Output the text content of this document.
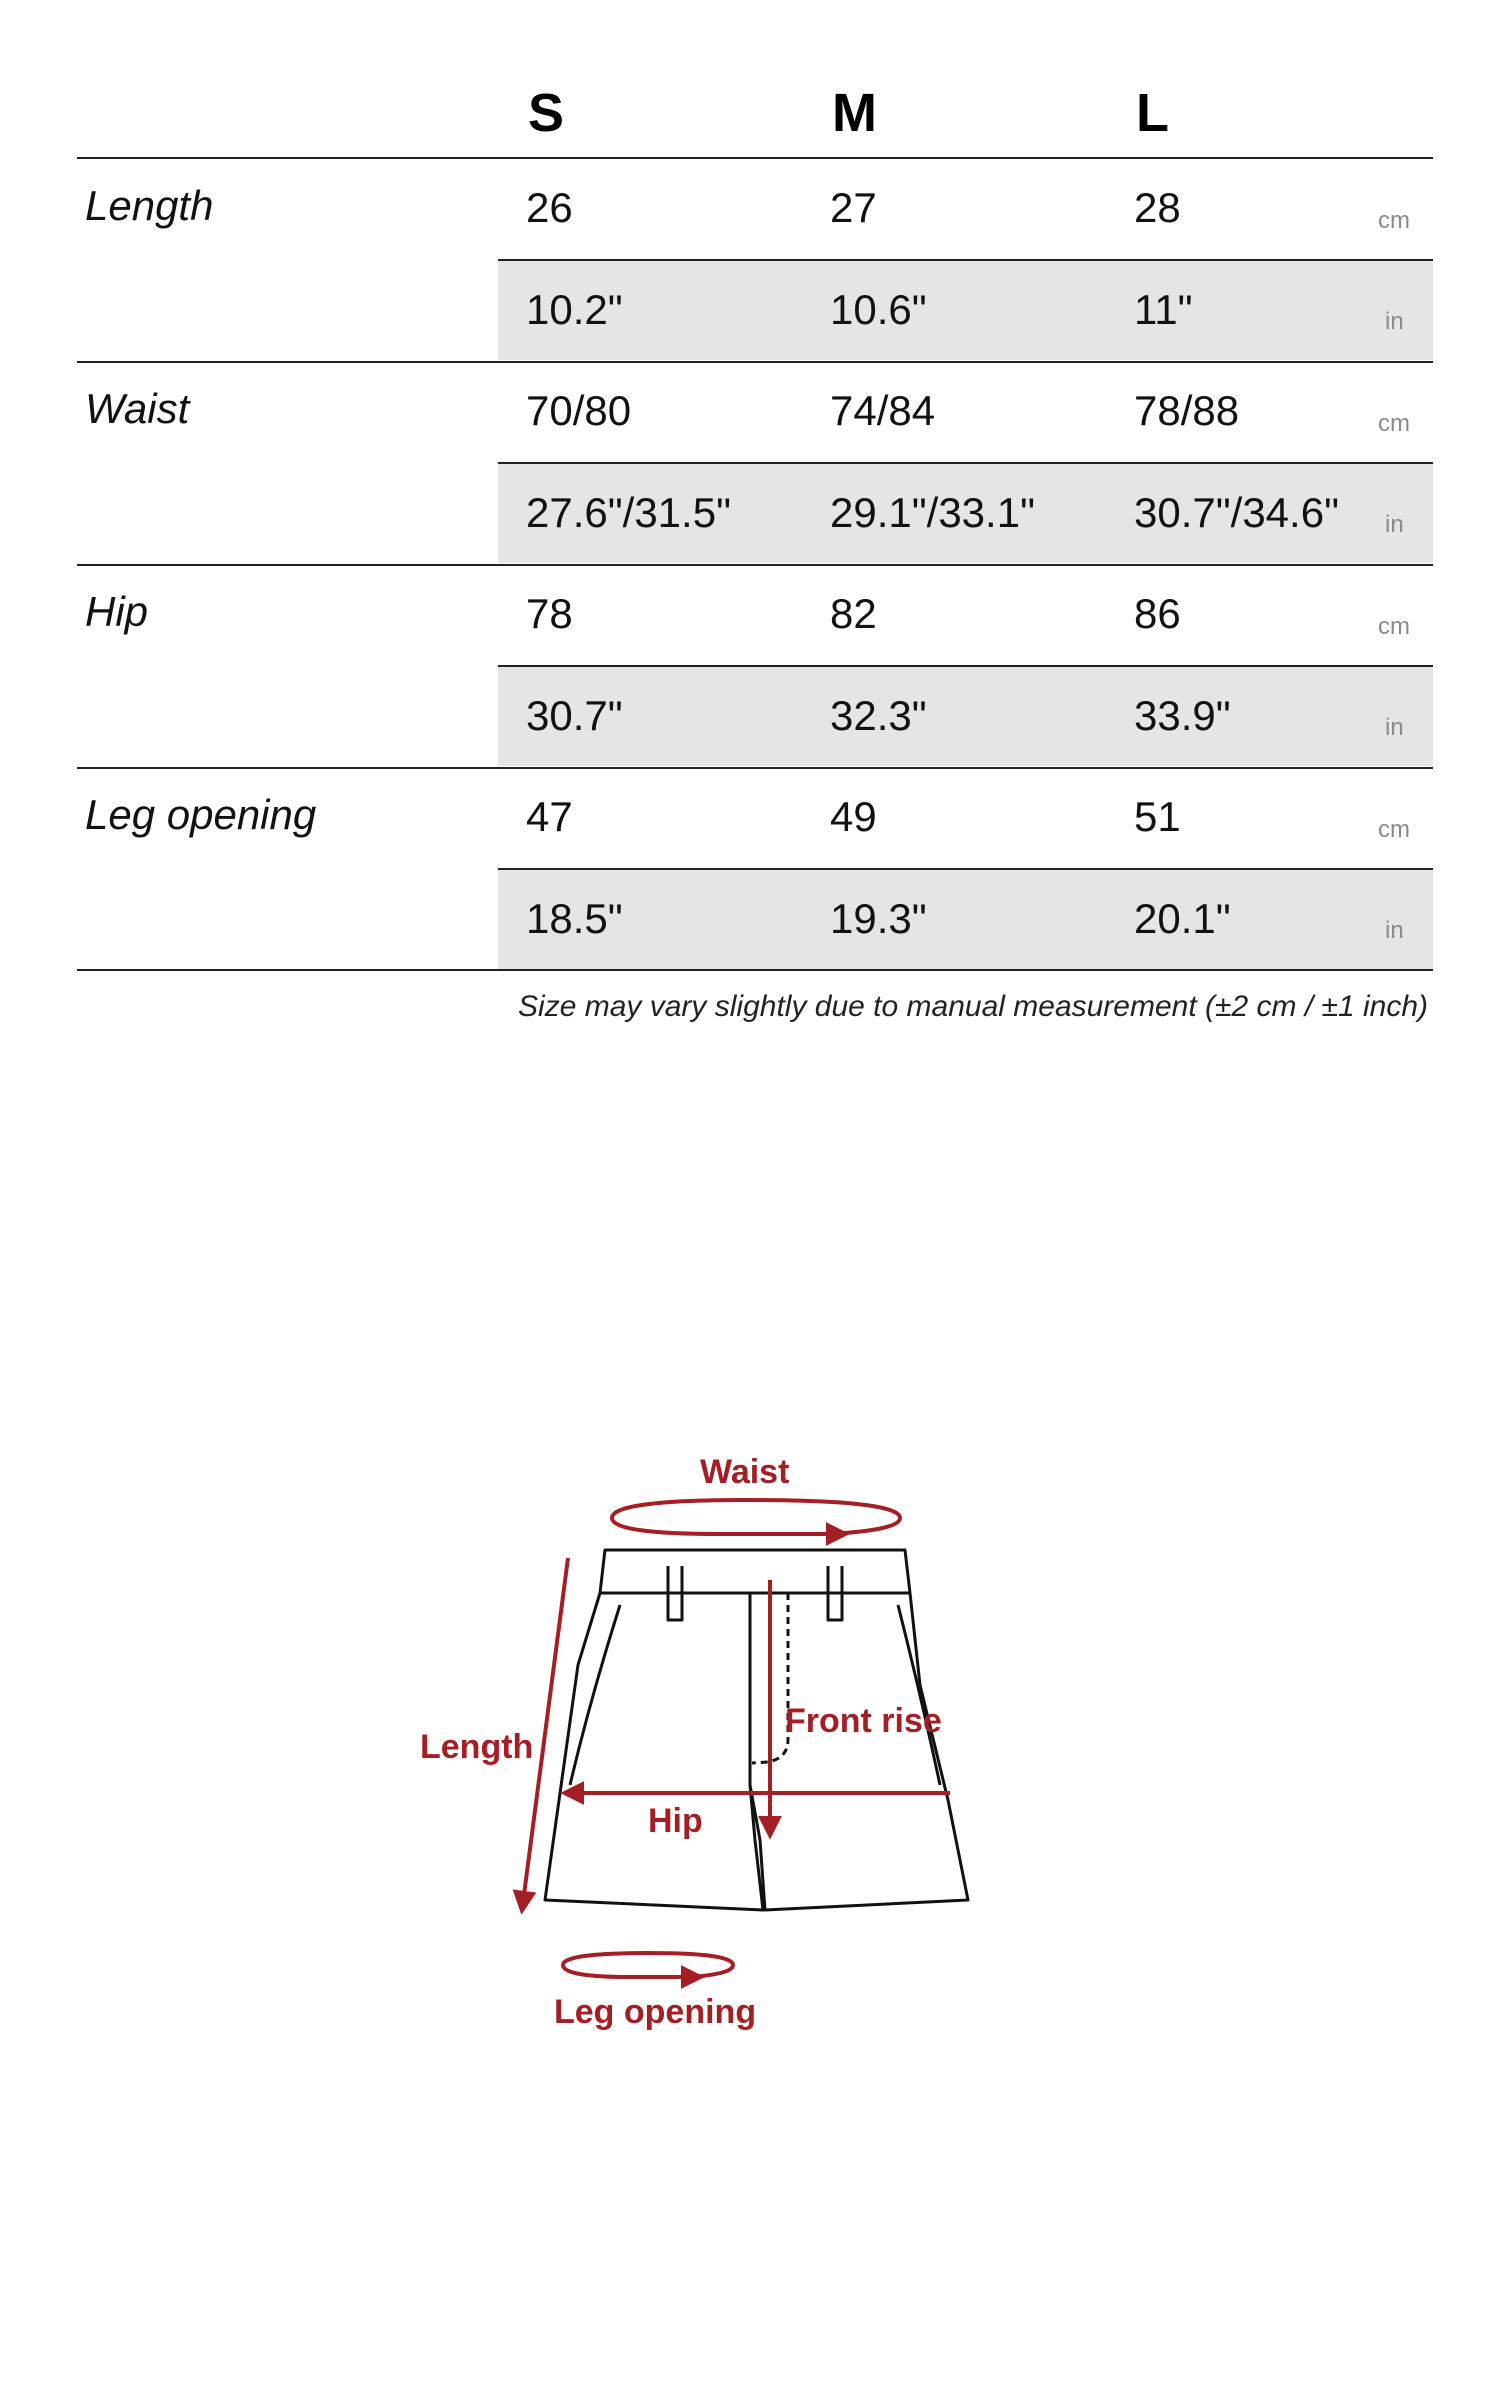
S	M	L
Length	26	27	28	cm
10.2"	10.6"	11"	in
Waist	70/80	74/84	78/88	cm
27.6"/31.5" 29.1"/33.1" 30.7"/34.6" in
Hip	78	82	86	cm
30.7"	32.3"	33.9"	in
Leg opening	47	49	51	cm
18.5"	19.3"	20.1"	in
Size may vary slightly due to manual measurement (±2 cm / ±1 inch)
Waist
Length
Front rise
Hip
Leg opening
